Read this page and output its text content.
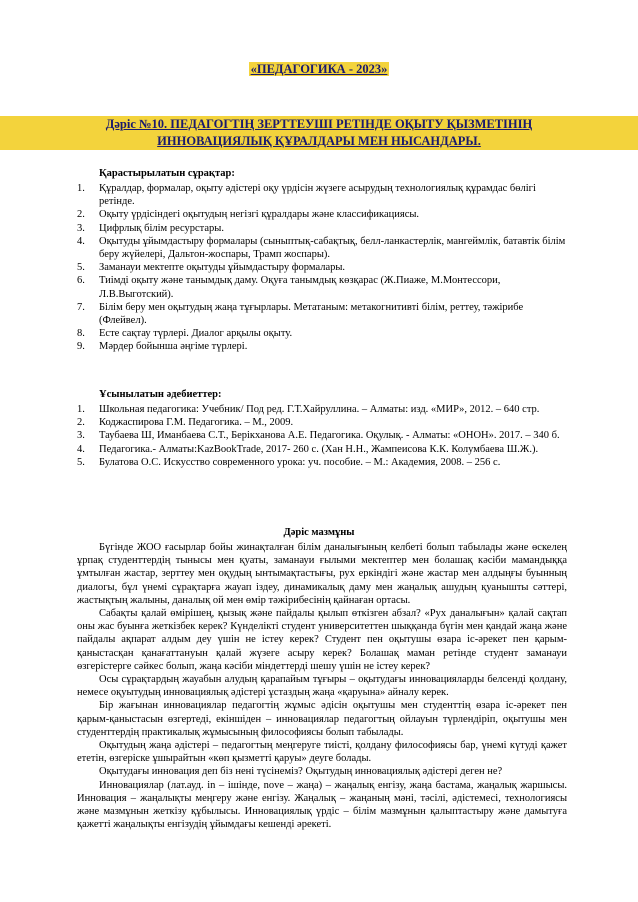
«ПЕДАГОГИКА - 2023»
Дәріс №10. ПЕДАГОГТІҢ ЗЕРТТЕУШІ РЕТІНДЕ ОҚЫТУ ҚЫЗМЕТІНІҢ
ИННОВАЦИЯЛЫҚ ҚҰРАЛДАРЫ МЕН НЫСАНДАРЫ.
Қарастырылатын сұрақтар:
1. Құралдар, формалар, оқыту әдістері оқу үрдісін жүзеге асырудың технологиялық құрамдас бөлігі ретінде.
2. Оқыту үрдісіндегі оқытудың негізгі құралдары және классификациясы.
3. Цифрлық білім ресурстары.
4. Оқытуды ұйымдастыру формалары (сыныптық-сабақтық, белл-ланкастерлік, мангеймлік, батавтік білім беру жүйелері, Дальтон-жоспары, Трамп жоспары).
5. Заманауи мектепте оқытуды ұйымдастыру формалары.
6. Тиімді оқыту және танымдық даму. Оқуға танымдық көзқарас (Ж.Пиаже, М.Монтессори, Л.В.Выготский).
7. Білім беру мен оқытудың жаңа тұғырлары. Метатаным: метакогнитивті білім, реттеу, тәжірибе (Флейвел).
8. Есте сақтау түрлері. Диалог арқылы оқыту.
9. Мәрдер бойынша әңгіме түрлері.
Ұсынылатын әдебиеттер:
1. Школьная педагогика: Учебник/ Под ред. Г.Т.Хайруллина. – Алматы: изд. «МИР», 2012. – 640 стр.
2. Коджаспирова Г.М. Педагогика. – М., 2009.
3. Таубаева Ш, Иманбаева С.Т., Берікханова А.Е. Педагогика. Оқулық. - Алматы: «ОНОН». 2017. – 340 б.
4. Педагогика.- Алматы:KazBookTrade, 2017- 260 с. (Хан Н.Н., Жампеисова К.К. Колумбаева Ш.Ж.).
5. Булатова О.С. Искусство современного урока: уч. пособие. – М.: Академия, 2008. – 256 с.
Дәріс мазмұны

Бүгінде ЖОО ғасырлар бойы жинақталған білім даналығының келбеті болып табылады және өскелең ұрпақ студенттердің тынысы мен қуаты, заманауи ғылыми мектептер мен болашақ кәсіби мамандыққа ұмтылған жастар, зерттеу мен оқудың ынтымақтастығы, рух еркіндігі және жастар мен алдыңғы буынның диалогы, бұл үнемі сұрақтарға жауап іздеу, динамикалық даму мен жаңалық ашудың қуанышты сәттері, жастықтың жалыны, даналық ой мен өмір тәжірибесінің қайнаған ортасы.

Сабақты қалай өмірішең, қызық және пайдалы қылып өткізген абзал? «Рух даналығын» қалай сақтап оны жас буынға жеткізбек керек? Күнделікті студент университеттен шыққанда бүгін мен қандай жаңа және пайдалы ақпарат алдым деу үшін не істеу керек? Студент пен оқытушы өзара іс-әрекет пен қарым-қаныстасқан қанағаттануын қалай жүзеге асыру керек? Болашақ маман ретінде студент заманауи өзгерістерге сәйкес болып, жаңа кәсіби міндеттерді шешу үшін не істеу керек?

Осы сұрақтардың жауабын алудың қарапайым тұғыры – оқытудағы инновацияларды белсенді қолдану, немесе оқуытудың инновациялық әдістері ұстаздың жаңа «қаруына» айналу керек.

Бір жағынан инновациялар педагогтің жұмыс әдісін оқытушы мен студенттің өзара іс-әрекет пен қарым-қаныстасын өзгертеді, екіншіден – инновациялар педагогтың ойлауын түрлендіріп, оқытушы мен студенттердің практикалық жұмысының философиясы болып табылады.

Оқытудың жаңа әдістері – педагогтың меңгеруге тиісті, қолдану философиясы бар, үнемі күтуді қажет ететін, өзгеріске ұшырайтын «көп қызметті қаруы» деуге болады.

Оқытудағы инновация деп біз нені түсінеміз? Оқытудың инновациялық әдістері деген не?

Инновациялар (лат.ауд. in – ішінде, nove – жаңа) – жаңалық енгізу, жаңа бастама, жаңалық жаршысы. Инновация – жаңалықты меңгеру және енгізу. Жаңалық – жаңаның мәні, тәсілі, әдістемесі, технологиясы және мазмұнын жеткізу құбылысы. Инновациялық үрдіс – білім мазмұнын қалыптастыру және дамытуға қажетті жаңалықты енгізудің ұйымдағы кешенді әрекеті.
